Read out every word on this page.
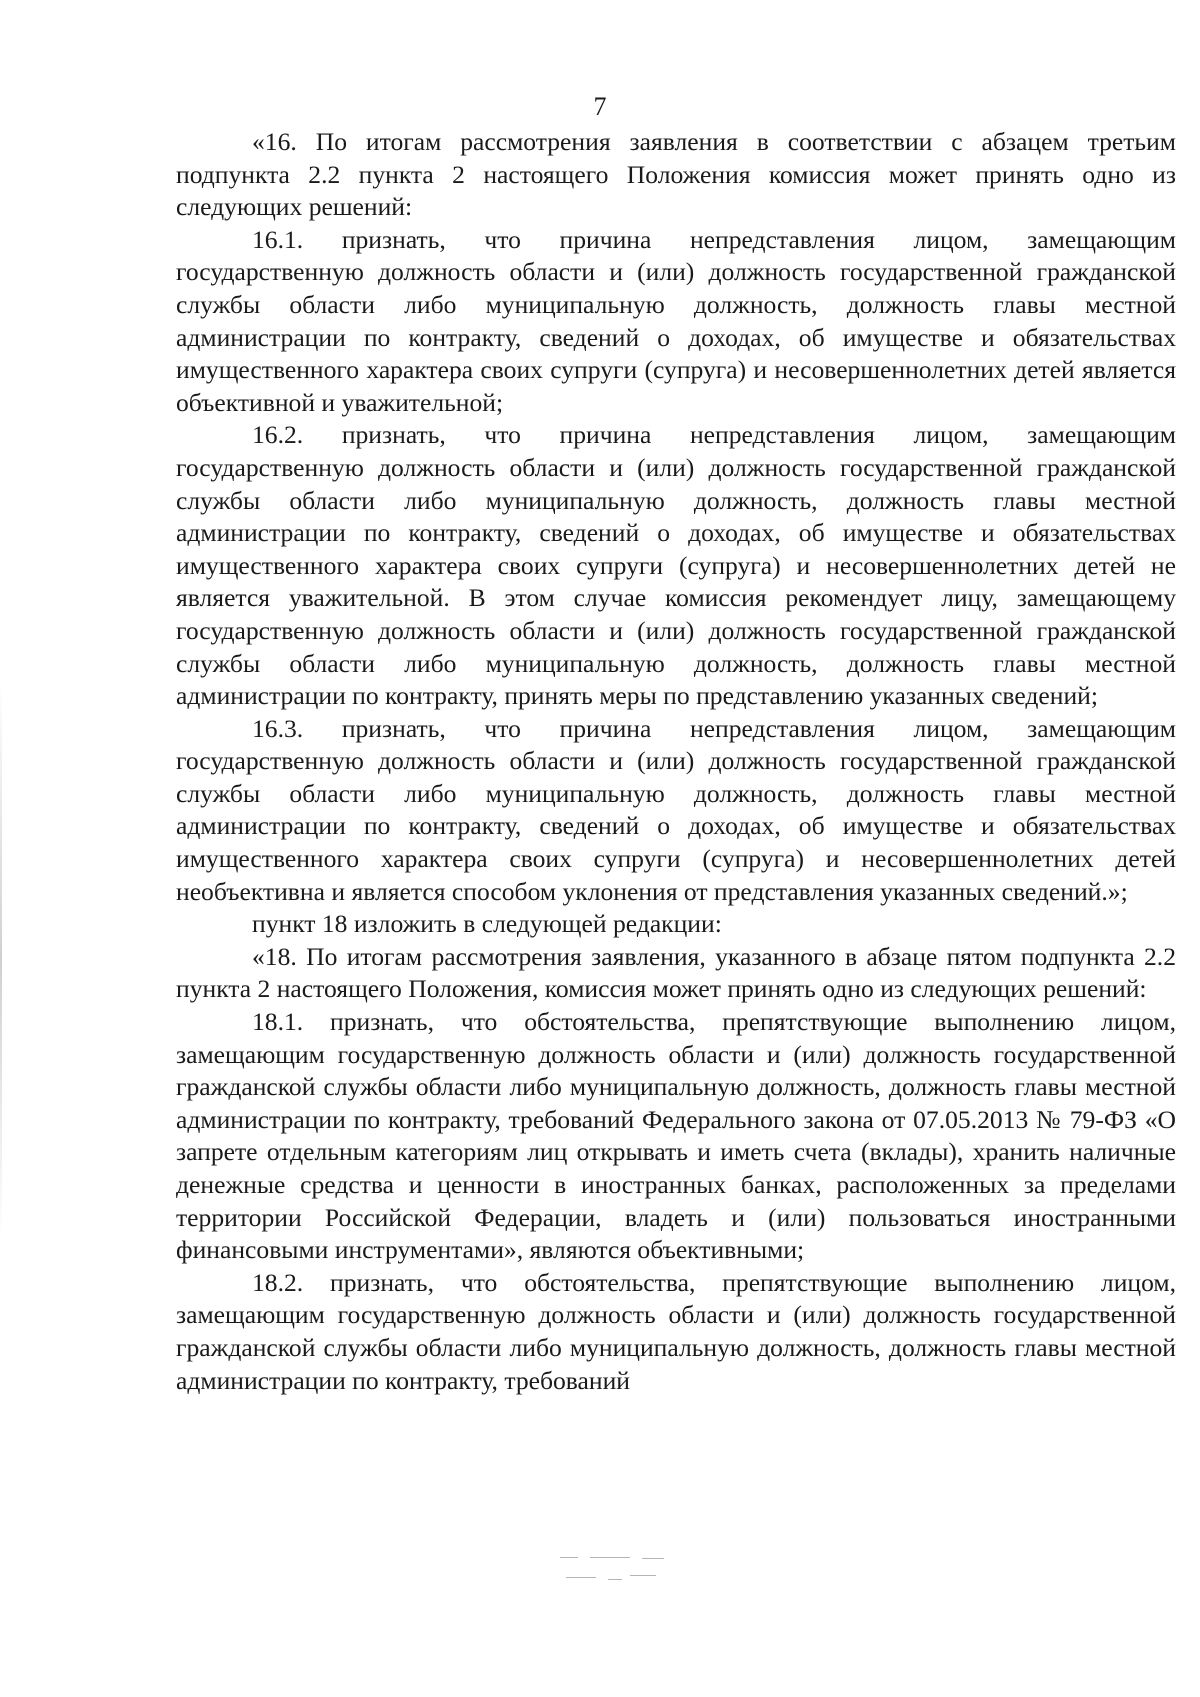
7

«16. По итогам рассмотрения заявления в соответствии с абзацем третьим подпункта 2.2 пункта 2 настоящего Положения комиссия может принять одно из следующих решений:

16.1. признать, что причина непредставления лицом, замещающим государственную должность области и (или) должность государственной гражданской службы области либо муниципальную должность, должность главы местной администрации по контракту, сведений о доходах, об имуществе и обязательствах имущественного характера своих супруги (супруга) и несовершеннолетних детей является объективной и уважительной;

16.2. признать, что причина непредставления лицом, замещающим государственную должность области и (или) должность государственной гражданской службы области либо муниципальную должность, должность главы местной администрации по контракту, сведений о доходах, об имуществе и обязательствах имущественного характера своих супруги (супруга) и несовершеннолетних детей не является уважительной. В этом случае комиссия рекомендует лицу, замещающему государственную должность области и (или) должность государственной гражданской службы области либо муниципальную должность, должность главы местной администрации по контракту, принять меры по представлению указанных сведений;

16.3. признать, что причина непредставления лицом, замещающим государственную должность области и (или) должность государственной гражданской службы области либо муниципальную должность, должность главы местной администрации по контракту, сведений о доходах, об имуществе и обязательствах имущественного характера своих супруги (супруга) и несовершеннолетних детей необъективна и является способом уклонения от представления указанных сведений.»;

пункт 18 изложить в следующей редакции:

«18. По итогам рассмотрения заявления, указанного в абзаце пятом подпункта 2.2 пункта 2 настоящего Положения, комиссия может принять одно из следующих решений:

18.1. признать, что обстоятельства, препятствующие выполнению лицом, замещающим государственную должность области и (или) должность государственной гражданской службы области либо муниципальную должность, должность главы местной администрации по контракту, требований Федерального закона от 07.05.2013 № 79-ФЗ «О запрете отдельным категориям лиц открывать и иметь счета (вклады), хранить наличные денежные средства и ценности в иностранных банках, расположенных за пределами территории Российской Федерации, владеть и (или) пользоваться иностранными финансовыми инструментами», являются объективными;

18.2. признать, что обстоятельства, препятствующие выполнению лицом, замещающим государственную должность области и (или) должность государственной гражданской службы области либо муниципальную должность, должность главы местной администрации по контракту, требований
